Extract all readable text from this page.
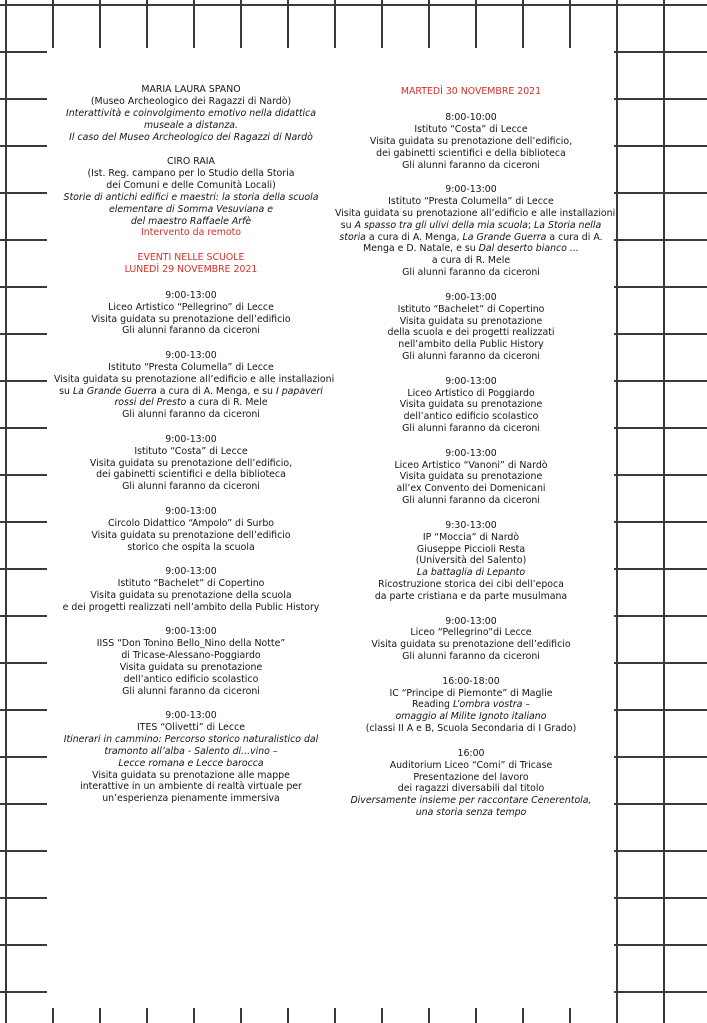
MARIA LAURA SPANO
(Museo Archeologico dei Ragazzi di Nardò)
Interattività e coinvolgimento emotivo nella didattica
museale a distanza.
Il caso del Museo Archeologico dei Ragazzi di Nardò
CIRO RAIA
(Ist. Reg. campano per lo Studio della Storia
dei Comuni e delle Comunità Locali)
Storie di antichi edifici e maestri: la storia della scuola
elementare di Somma Vesuviana e
del maestro Raffaele Arfè
Intervento da remoto
EVENTI NELLE SCUOLE
LUNEDÌ 29 NOVEMBRE 2021
9:00-13:00
Liceo Artistico “Pellegrino” di Lecce
Visita guidata su prenotazione dell’edificio
Gli alunni faranno da ciceroni
9:00-13:00
Istituto “Presta Columella” di Lecce
Visita guidata su prenotazione all’edificio e alle installazioni
su La Grande Guerra a cura di A. Menga, e su I papaveri
rossi del Presto a cura di R. Mele
Gli alunni faranno da ciceroni
9:00-13:00
Istituto “Costa” di Lecce
Visita guidata su prenotazione dell’edificio,
dei gabinetti scientifici e della biblioteca
Gli alunni faranno da ciceroni
9:00-13:00
Circolo Didattico “Ampolo” di Surbo
Visita guidata su prenotazione dell’edificio
storico che ospita la scuola
9:00-13:00
Istituto “Bachelet” di Copertino
Visita guidata su prenotazione della scuola
e dei progetti realizzati nell’ambito della Public History
9:00-13:00
IISS “Don Tonino Bello_Nino della Notte”
di Tricase-Alessano-Poggiardo
Visita guidata su prenotazione
dell’antico edificio scolastico
Gli alunni faranno da ciceroni
9:00-13:00
ITES “Olivetti” di Lecce
Itinerari in cammino: Percorso storico naturalistico dal
tramonto all’alba - Salento di...vino –
Lecce romana e Lecce barocca
Visita guidata su prenotazione alle mappe
interattive in un ambiente di realtà virtuale per
un’esperienza pienamente immersiva
MARTEDÌ 30 NOVEMBRE 2021
8:00-10:00
Istituto “Costa” di Lecce
Visita guidata su prenotazione dell’edificio,
dei gabinetti scientifici e della biblioteca
Gli alunni faranno da ciceroni
9:00-13:00
Istituto “Presta Columella” di Lecce
Visita guidata su prenotazione all’edificio e alle installazioni
su A spasso tra gli ulivi della mia scuola; La Storia nella
storia a cura di A. Menga, La Grande Guerra a cura di A.
Menga e D. Natale, e su Dal deserto bianco ...
a cura di R. Mele
Gli alunni faranno da ciceroni
9:00-13:00
Istituto “Bachelet” di Copertino
Visita guidata su prenotazione
della scuola e dei progetti realizzati
nell’ambito della Public History
Gli alunni faranno da ciceroni
9:00-13:00
Liceo Artistico di Poggiardo
Visita guidata su prenotazione
dell’antico edificio scolastico
Gli alunni faranno da ciceroni
9:00-13:00
Liceo Artistico “Vanoni” di Nardò
Visita guidata su prenotazione
all’ex Convento dei Domenicani
Gli alunni faranno da ciceroni
9:30-13:00
IP “Moccia” di Nardò
Giuseppe Piccioli Resta
(Università del Salento)
La battaglia di Lepanto
Ricostruzione storica dei cibi dell’epoca
da parte cristiana e da parte musulmana
9:00-13:00
Liceo “Pellegrino”di Lecce
Visita guidata su prenotazione dell’edificio
Gli alunni faranno da ciceroni
16:00-18:00
IC “Principe di Piemonte” di Maglie
Reading L’ombra vostra –
omaggio al Milite Ignoto italiano
(classi II A e B, Scuola Secondaria di I Grado)
16:00
Auditorium Liceo “Comi” di Tricase
Presentazione del lavoro
dei ragazzi diversabili dal titolo
Diversamente insieme per raccontare Cenerentola,
una storia senza tempo
